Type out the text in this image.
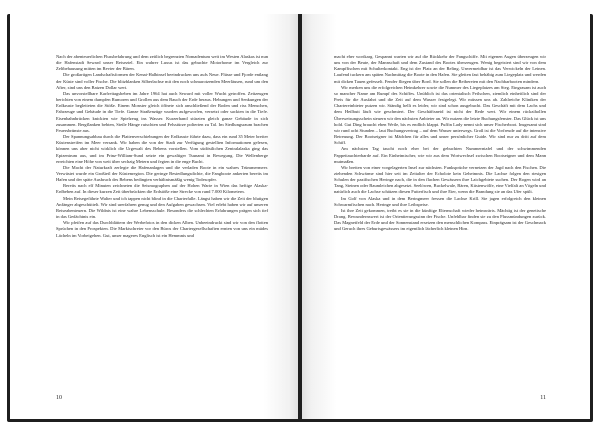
Nach der abenteuerlichen Flussbefahrung und dem zeitlich begrenzten Nomadentum weit im Westen Alaskas ist nun die Hafenstadt Seward unser Reiseziel. Ein wahrer Luxus ist das gebuchte Motorhome im Vergleich zur Zeltbehausung mitten im Revier der Bären.

Die großartigen Landschaftsformen der Kenai-Halbinsel beeindrucken uns aufs Neue. Flüsse und Fjorde entlang der Küste sind voller Fische. Die blitzblanken Silberlachse mit den noch schmarotzenden Meerläusen, rund um den After, sind uns den Batzen Dollar wert.

Das unvorstellbare Karfreitagsbeben im Jahre 1964 hat auch Seward mit voller Wucht getroffen. Zeitzeugen berichten von einem dumpfen Rumoren und Grollen aus dem Bauch der Erde heraus. Hebungen und Senkungen der Erdkruste begleiteten die Stöße. Einem Monster gleich öffnete sich anschließend der Boden und riss Menschen, Fahrzeuge und Gebäude in die Tiefe. Ganze Straßenzüge wurden aufgeworfen, versetzt oder sackten in die Tiefe. Eisenbahnbrücken knickten wie Spielzeug ins Wasser. Kurzerhand stürzten gleich ganze Gebäude in sich zusammen. Bergflanken bebten, Steile Hänge rutschten und Felsstürze polterten zu Tal. Im Siedlungsraum brachen Feuersbrünste aus.

Der Spannungsabbau durch die Plattenverschiebungen der Erdkruste führte dazu, dass ein rund 35 Meter breiter Küstenstreifen im Meer versank. Wir haben die von der Stadt zur Verfügung gestellten Informationen gelesen, können uns aber nicht wirklich die Urgewalt des Bebens vorstellen. Vom südöstlichen Zentralalaska ging das Epizentrum aus, und im Prinz-William-Sund setzte ein gewaltiger Tsunami in Bewegung. Die Wellenberge erreichten eine Höhe von weit über sechzig Metern und fegten in die enge Bucht.

Die Macht der Naturkraft zerlegte die Hafenanlagen und die verladen Boote in ein wahres Trümmermeer. Verwüstet wurde ein Großteil der Küstenregion. Die geringe Besiedlungsdichte, die Fangboote ankerten bereits im Hafen und der späte Ausbruch des Bebens bedingten verhältnismäßig wenig Todesopfer.

Bereits nach elf Minuten zeichneten die Seismographen auf der Hohen Warte in Wien das heftige Alaska-Erdbeben auf. In dieser kurzen Zeit überbrückten die Erdstöße eine Strecke von rund 7.000 Kilometern.

Mein Reisegefährte Walter und ich tappen nicht blind in die Charterfalle. Längst haben wir die Zeit der blutigen Anfänger abgeschüttelt. Wir sind urerfahren genug und den Aufgaben gewachsen. Viel erlebt haben wir auf unseren Reiseabenteuern. Die Wildnis ist eine wahre Lebensschule. Besonders die schlechten Erfahrungen prägen sich tief in das Gedächtnis ein.

Wir pfeifen auf das Durchblättern der Werbefotos in den dicken Alben. Unbeeindruckt sind wir von den flotten Sprüchen in den Prospekten. Die Marktschreier vor den Büros der Chartergesellschaften ernten von uns ein müdes Lächeln im Vorbeigehen. Gut, unser mageres Englisch ist ein Hemmnis und

10

macht eher wortkarg. Gespannt warten wir auf die Rückkehr der Fangschiffe. Mit eigenen Augen überzeugen wir uns von der Beute, der Mannschaft und dem Zustand des Bootes überzeugen. Wenig begeistert sind wir von dem Kampffischen mit Schulterkontakt. Eng ist der Platz an der Reling. Unvermeidbar ist das Verwickeln der Leinen. Laufend tuckern am späten Nachmittag die Boote in den Hafen. Sie gleiten fast behäbig zum Liegeplatz und werden mit dicken Tauen gefesselt. Fender fliegen über Bord. Sie sollen die Reibereien mit den Nachbarbooten mindern.

Wir merken uns die erfolgreichen Heimkehrer sowie die Nummer des Liegeplatzes am Steg. Eingrasam ist auch so mancher Name am Rumpf des Schiffes. Unüblich ist das orientalisch Feilschen, ziemlich einheitlich sind der Preis für die Ausfahrt und die Zeit auf dem Wasser festgelegt. Wir müssen uns ab. Zahlreiche Kliniken der Chartereinbieter putzen wir. Ständig hellt es leider, wir sind schon ausgebucht. Das Geschäft mit dem Lachs und dem Heilbutt läuft wie geschmiert. Der Geschäftsneid ist nicht der Rede wert. Wir einem rückzihollen Überweisungsschein steuern wir den nächsten Anbieter an. Wir nutzen die letzte Buchungsfenster. Das Glück ist uns hold. Gut Ding braucht eben Weile, bis es endlich klappt. Puffin Lady nennt sich unser Fischerboot. Insgesamt sind wir rund acht Stunden – laut Buchungsvertrag – auf dem Wasser unterwegs. Groß ist die Vorfreude auf die intensive Betreuung. Der Bootseigner ist Mädchen für alles und unser persönlicher Guide. Wir sind nur zu dritt auf dem Schiff.

Am nächsten Tag taucht noch eher bei der gebuchten Nummerntafel und der schwimmenden Pappeitauchterbarde auf. Ein Einheimischer, wie wir aus dem Wortwechsel zwischen Bootseigner und dem Mann mutmaßen.

Wir bretten von einer vorgelagerten Insel zur nächsten. Funksprüche vernetzen der Jagd nach den Fischen. Die ziehenden Schwärme sind hier seit im Zeitalter der Echolote kein Geheimnis. Die Lachse folgen den riesigen Schulen der pazifischen Heringe nach, die in den flachen Gewässern ihre Laichgebiete suchen. Der Rogen wird an Tang, Steinen oder Baumleichen abgesetzt. Seelöwen, Buckelwale, Bären, Küstenwölfe, eine Vielfalt an Vögeln und natürlich auch die Lachse schätzen diesen Futterfisch und ihre Eier, wenn die Brandung sie an das Ufer spült.

Im Golf von Alaska und in dem Beringmeer fressen die Lachse Krill. Sie jagen erfolgreich den kleinen Schwarmfischen nach. Heringe und ihre Leibspeise.

Ist ihre Zeit gekommen, treibt es sie in die künftige Elternschaft wieder heimwärts. Mächtig ist der genetische Drang. Bewundernswert ist der Orientierungssinn der Fische. Unfehlbar finden sie zu den Flussmündungen zurück. Das Magnetfeld der Erde und der Sonnenstand ersetzen den menschlichen Kompass. Einprägsam ist der Geschmack und Geruch ihres Geburtsgewässers im eigentlich lächerlich kleinen Hirn.

11
